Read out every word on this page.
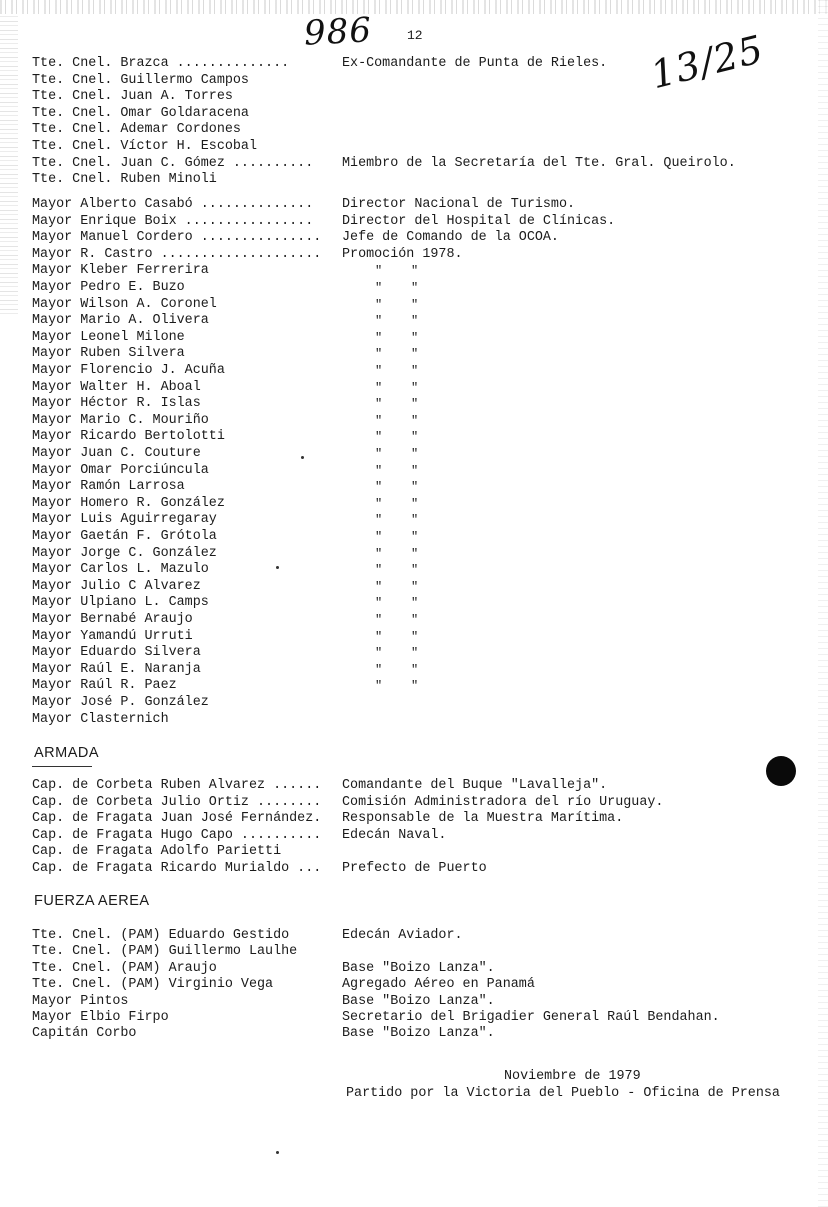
986	13/25
12
Tte. Cnel. Brazca ..............	Ex-Comandante de Punta de Rieles.
Tte. Cnel. Guillermo Campos
Tte. Cnel. Juan A. Torres
Tte. Cnel. Omar Goldaracena
Tte. Cnel. Ademar Cordones
Tte. Cnel. Víctor H. Escobal
Tte. Cnel. Juan C. Gómez .......... Miembro de la Secretaría del Tte. Gral. Queirolo.
Tte. Cnel. Ruben Minoli
Mayor Alberto Casabó .............. Director Nacional de Turismo.
Mayor Enrique Boix ................ Director del Hospital de Clínicas.
Mayor Manuel Cordero ............... Jefe de Comando de la OCOA.
Mayor R. Castro .................... Promoción 1978.
Mayor Kleber Ferrerira	"    "
Mayor Pedro E. Buzo	"    "
Mayor Wilson A. Coronel	"    "
Mayor Mario A. Olivera	"    "
Mayor Leonel Milone	"    "
Mayor Ruben Silvera	"    "
Mayor Florencio J. Acuña	"    "
Mayor Walter H. Aboal	"    "
Mayor Héctor R. Islas	"    "
Mayor Mario C. Mouriño	"    "
Mayor Ricardo Bertolotti	"    "
Mayor Juan C. Couture	"    "
Mayor Omar Porciúncula	"    "
Mayor Ramón Larrosa	"    "
Mayor Homero R. González	"    "
Mayor Luis Aguirregaray	"    "
Mayor Gaetán F. Grótola	"    "
Mayor Jorge C. González	"    "
Mayor Carlos L. Mazulo	"    "
Mayor Julio C Alvarez	"    "
Mayor Ulpiano L. Camps	"    "
Mayor Bernabé Araujo	"    "
Mayor Yamandú Urruti	"    "
Mayor Eduardo Silvera	"    "
Mayor Raúl E. Naranja	"    "
Mayor Raúl R. Paez	"    "
Mayor José P. González
Mayor Clasternich
Cap. de Corbeta Ruben Alvarez ...... Comandante del Buque "Lavalleja".
Cap. de Corbeta Julio Ortiz ........ Comisión Administradora del río Uruguay.
Cap. de Fragata Juan José Fernández. Responsable de la Muestra Marítima.
Cap. de Fragata Hugo Capo .......... Edecán Naval.
Cap. de Fragata Adolfo Parietti
Cap. de Fragata Ricardo Murialdo ... Prefecto de Puerto
Tte. Cnel. (PAM) Eduardo Gestido	Edecán Aviador.
Tte. Cnel. (PAM) Guillermo Laulhe
Tte. Cnel. (PAM) Araujo	Base "Boizo Lanza".
Tte. Cnel. (PAM) Virginio Vega	Agregado Aéreo en Panamá
Mayor Pintos	Base "Boizo Lanza".
Mayor Elbio Firpo	Secretario del Brigadier General Raúl Bendahan.
Capitán Corbo	Base "Boizo Lanza".
ARMADA
FUERZA AEREA
Noviembre de 1979
Partido por la Victoria del Pueblo - Oficina de Prensa
